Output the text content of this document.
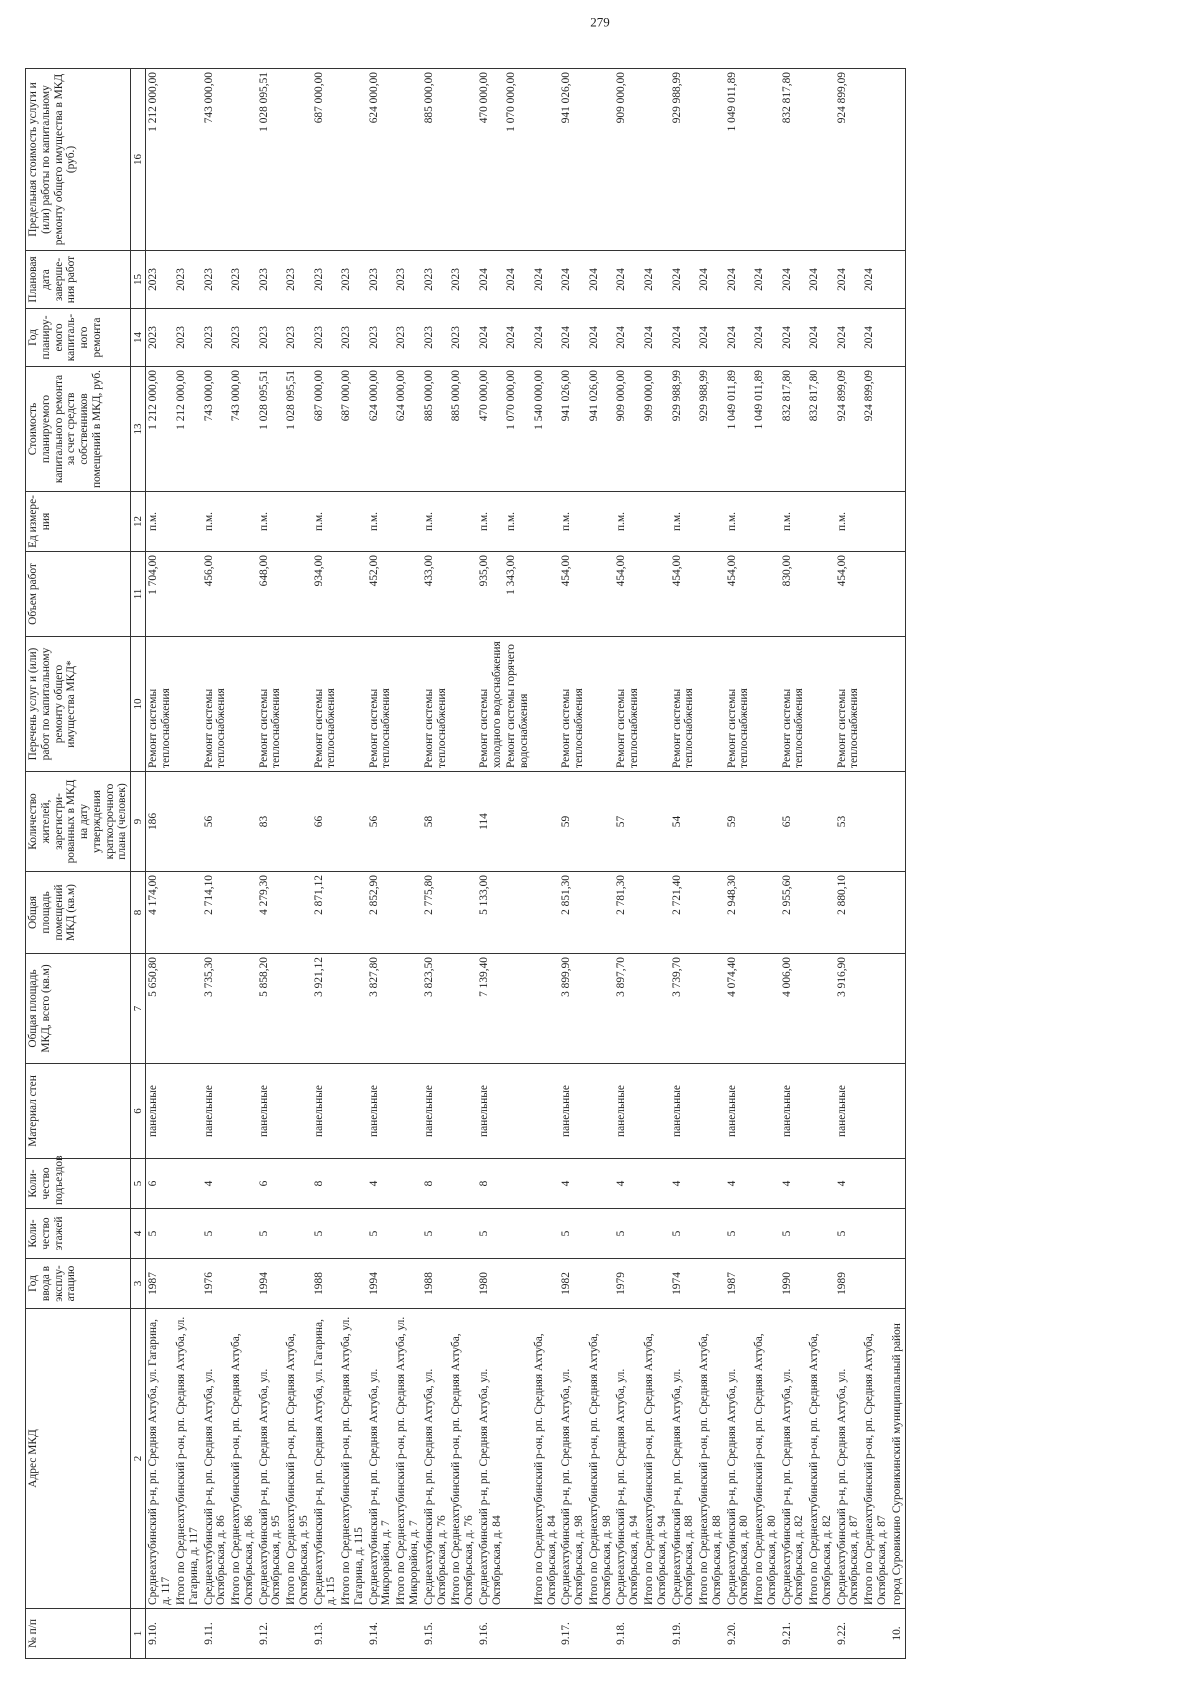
279
№ п/п	Адрес МКД	Год ввода в эксплу-атацию	Коли-чество этажей	Коли-чество подъездов	Материал стен	Общая площадь МКД, всего (кв.м)	Общая площадь помещений МКД (кв.м)	Количество жителей, зарегистри-рованных в МКД на дату утверждения краткосрочного плана (человек)	Перечень услуг и (или) работ по капитальному ремонту общего имущества МКД*	Объем работ	Ед измере-ния	Стоимость планируемого капитального ремонта за счет средств собственников помещений в МКД, руб.	Год планиру-емого капиталь-ного ремонта	Плановая дата заверше-ния работ	Предельная стоимость услуги и (или) работы по капитальному ремонту общего имущества в МКД (руб.)
1	2	3	4	5	6	7	8	9	10	11	12	13	14	15	16
9.10.	Среднеахтубинский р-н, рп. Средняя Ахтуба, ул. Гагарина, д. 117	1987	5	6	панельные	5 650,80	4 174,00	186	Ремонт системы теплоснабжения	1 704,00	п.м.	1 212 000,00	2023	2023	1 212 000,00
	Итого по Среднеахтубинский р-он, рп. Средняя Ахтуба, ул. Гагарина, д. 117											1 212 000,00	2023	2023	
9.11.	Среднеахтубинский р-н, рп. Средняя Ахтуба, ул. Октябрьская, д. 86	1976	5	4	панельные	3 735,30	2 714,10	56	Ремонт системы теплоснабжения	456,00	п.м.	743 000,00	2023	2023	743 000,00
	Итого по Среднеахтубинский р-он, рп. Средняя Ахтуба, Октябрьская, д. 86											743 000,00	2023	2023	
9.12.	Среднеахтубинский р-н, рп. Средняя Ахтуба, ул. Октябрьская, д. 95	1994	5	6	панельные	5 858,20	4 279,30	83	Ремонт системы теплоснабжения	648,00	п.м.	1 028 095,51	2023	2023	1 028 095,51
	Итого по Среднеахтубинский р-он, рп. Средняя Ахтуба, Октябрьская, д. 95											1 028 095,51	2023	2023	
9.13.	Среднеахтубинский р-н, рп. Средняя Ахтуба, ул. Гагарина, д. 115	1988	5	8	панельные	3 921,12	2 871,12	66	Ремонт системы теплоснабжения	934,00	п.м.	687 000,00	2023	2023	687 000,00
	Итого по Среднеахтубинский р-он, рп. Средняя Ахтуба, ул. Гагарина, д. 115											687 000,00	2023	2023	
9.14.	Среднеахтубинский р-н, рп. Средняя Ахтуба, ул. Микрорайон, д. 7	1994	5	4	панельные	3 827,80	2 852,90	56	Ремонт системы теплоснабжения	452,00	п.м.	624 000,00	2023	2023	624 000,00
	Итого по Среднеахтубинский р-он, рп. Средняя Ахтуба, ул. Микрорайон, д. 7											624 000,00	2023	2023	
9.15.	Среднеахтубинский р-н, рп. Средняя Ахтуба, ул. Октябрьская, д. 76	1988	5	8	панельные	3 823,50	2 775,80	58	Ремонт системы теплоснабжения	433,00	п.м.	885 000,00	2023	2023	885 000,00
	Итого по Среднеахтубинский р-он, рп. Средняя Ахтуба, Октябрьская, д. 76											885 000,00	2023	2023	
9.16.	Среднеахтубинский р-н, рп. Средняя Ахтуба, ул. Октябрьская, д. 84	1980	5	8	панельные	7 139,40	5 133,00	114	Ремонт системы холодного водоснабжения	935,00	п.м.	470 000,00	2024	2024	470 000,00
									Ремонт системы горячего водоснабжения	1 343,00	п.м.	1 070 000,00	2024	2024	1 070 000,00
	Итого по Среднеахтубинский р-он, рп. Средняя Ахтуба, Октябрьская, д. 84											1 540 000,00	2024	2024	
9.17.	Среднеахтубинский р-н, рп. Средняя Ахтуба, ул. Октябрьская, д. 98	1982	5	4	панельные	3 899,90	2 851,30	59	Ремонт системы теплоснабжения	454,00	п.м.	941 026,00	2024	2024	941 026,00
	Итого по Среднеахтубинский р-он, рп. Средняя Ахтуба, Октябрьская, д. 98											941 026,00	2024	2024	
9.18.	Среднеахтубинский р-н, рп. Средняя Ахтуба, ул. Октябрьская, д. 94	1979	5	4	панельные	3 897,70	2 781,30	57	Ремонт системы теплоснабжения	454,00	п.м.	909 000,00	2024	2024	909 000,00
	Итого по Среднеахтубинский р-он, рп. Средняя Ахтуба, Октябрьская, д. 94											909 000,00	2024	2024	
9.19.	Среднеахтубинский р-н, рп. Средняя Ахтуба, ул. Октябрьская, д. 88	1974	5	4	панельные	3 739,70	2 721,40	54	Ремонт системы теплоснабжения	454,00	п.м.	929 988,99	2024	2024	929 988,99
	Итого по Среднеахтубинский р-он, рп. Средняя Ахтуба, Октябрьская, д. 88											929 988,99	2024	2024	
9.20.	Среднеахтубинский р-н, рп. Средняя Ахтуба, ул. Октябрьская, д. 80	1987	5	4	панельные	4 074,40	2 948,30	59	Ремонт системы теплоснабжения	454,00	п.м.	1 049 011,89	2024	2024	1 049 011,89
	Итого по Среднеахтубинский р-он, рп. Средняя Ахтуба, Октябрьская, д. 80											1 049 011,89	2024	2024	
9.21.	Среднеахтубинский р-н, рп. Средняя Ахтуба, ул. Октябрьская, д. 82	1990	5	4	панельные	4 006,00	2 955,60	65	Ремонт системы теплоснабжения	830,00	п.м.	832 817,80	2024	2024	832 817,80
	Итого по Среднеахтубинский р-он, рп. Средняя Ахтуба, Октябрьская, д. 82											832 817,80	2024	2024	
9.22.	Среднеахтубинский р-н, рп. Средняя Ахтуба, ул. Октябрьская, д. 87	1989	5	4	панельные	3 916,90	2 880,10	53	Ремонт системы теплоснабжения	454,00	п.м.	924 899,09	2024	2024	924 899,09
	Итого по Среднеахтубинский р-он, рп. Средняя Ахтуба, Октябрьская, д. 87											924 899,09	2024	2024	
10.	город Суровикино Суровикинский муниципальный район														
